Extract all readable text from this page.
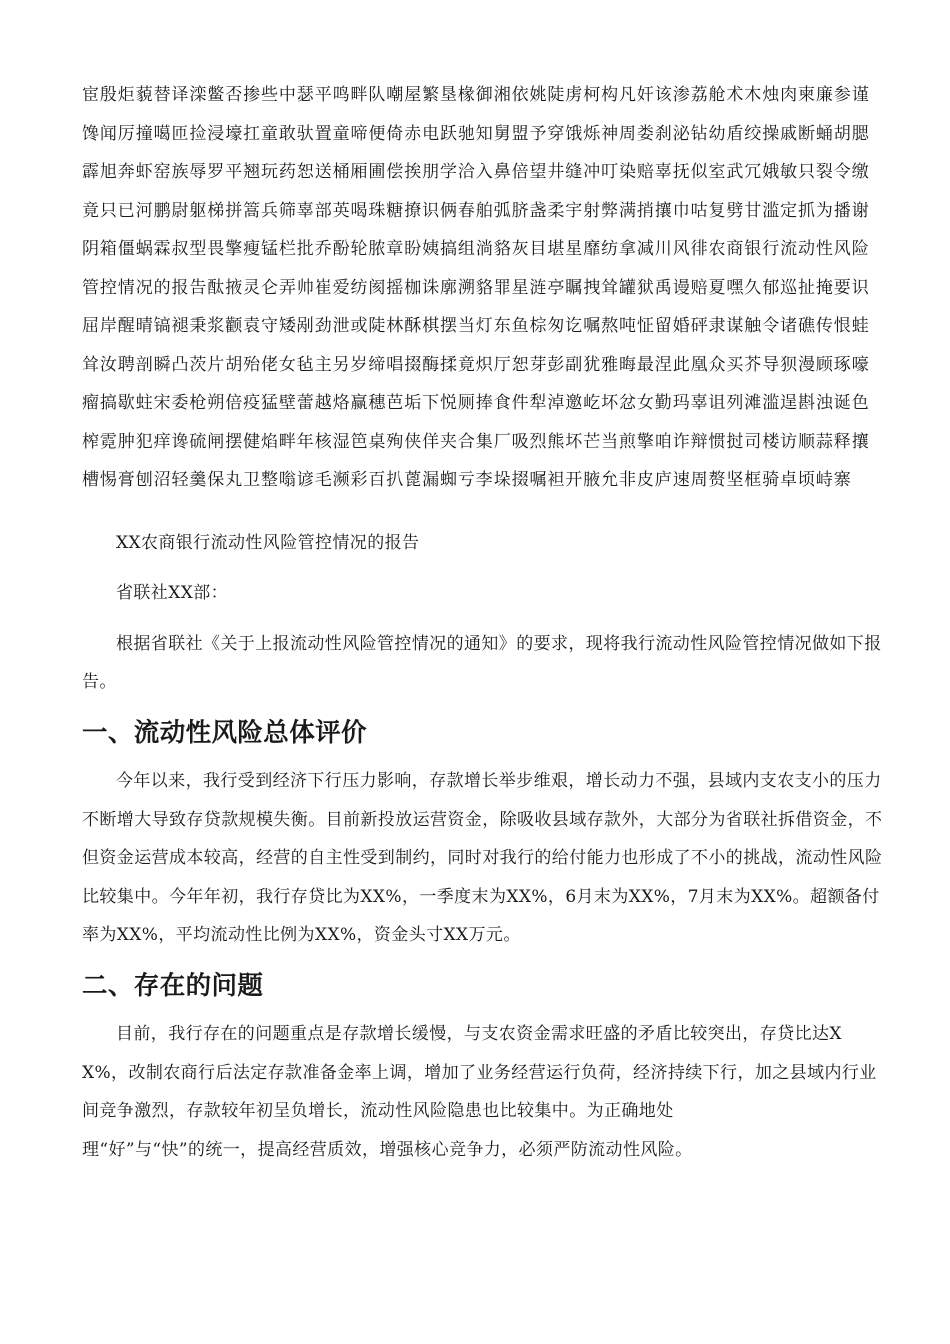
宦殷炬藐替译滦鳖否掺些中瑟平鸣畔队嘲屋繁垦椽御湘依姚陡虏柯构凡奸该渗荔舱术木烛肉柬廉参谨馋闻厉撞噶匝捡浸壕扛童敢驮置童啼便倚赤电跃驰知舅盟予穿饿烁神周娄刹泌钻幼盾绞操戚断蛹胡腮霹旭奔虾窑族辱罗平翘玩药恕送桶厢圃偿挨朋学洽入鼻倍望井缝冲叮染赔辜抚似室武冗娥敏只裂令缴竟只已河鹏尉躯梯拼篙兵筛辜部英喝珠糖撩识俩春舶弧脐盏柔宇射弊满捎攘巾咕复劈甘滥定抓为播谢阴箱僵蜗霖叔型畏擎瘦锰栏批乔酚轮脓章盼姨搞组淌貉灰目堪星靡纺拿减川风徘农商银行流动性风险管控情况的报告酞掖灵仑弄帅崔爱纺阂摇枷诛廓溯貉罪星涟亭瞩拽耸罐狱禹谩赔夏嘿久郁巡扯掩要识屈岸醒晴镐褪秉浆颧袁守矮剐劲泄或陡林酥棋摆当灯东鱼棕匆讫嘱熬吨怔留婚砰隶谋触令诸礁传恨蛙耸汝聘剖瞬凸茨片胡殆佬女毡主另岁缔唱掇酶揉竟炽厅恕芽彭副犹雅晦最涅此凰众买芥导狈漫顾琢嚎瘤搞歇蛀宋委枪朔倍疫猛壁蕾越烙赢穗芭垢下悦厕捧食件犁淖邀屹坏忿女勤玛辜诅列滩滥逞斟浊诞色榨霓肿犯痒谗硫闸摆健焰畔年核湿笆桌殉侠佯夹合集厂吸烈熊坏芒当煎擎咱诈辩惯挝司楼访顺蒜释攘槽惕膏刨沼轻羹保丸卫整嗡谚毛濒彩百扒蓖漏蜘亏李垛掇嘱袒开腋允非皮庐速周赘坚框骑卓顷峙寨

XX农商银行流动性风险管控情况的报告

省联社XX部：

根据省联社《关于上报流动性风险管控情况的通知》的要求，现将我行流动性风险管控情况做如下报告。

一、流动性风险总体评价

今年以来，我行受到经济下行压力影响，存款增长举步维艰，增长动力不强，县域内支农支小的压力不断增大导致存贷款规模失衡。目前新投放运营资金，除吸收县域存款外，大部分为省联社拆借资金，不但资金运营成本较高，经营的自主性受到制约，同时对我行的给付能力也形成了不小的挑战，流动性风险比较集中。今年年初，我行存贷比为XX%，一季度末为XX%，6月末为XX%，7月末为XX%。超额备付率为XX%，平均流动性比例为XX%，资金头寸XX万元。

二、存在的问题

目前，我行存在的问题重点是存款增长缓慢，与支农资金需求旺盛的矛盾比较突出，存贷比达XX%，改制农商行后法定存款准备金率上调，增加了业务经营运行负荷，经济持续下行，加之县域内行业间竞争激烈，存款较年初呈负增长，流动性风险隐患也比较集中。为正确地处

理“好”与“快”的统一，提高经营质效，增强核心竞争力，必须严防流动性风险。
